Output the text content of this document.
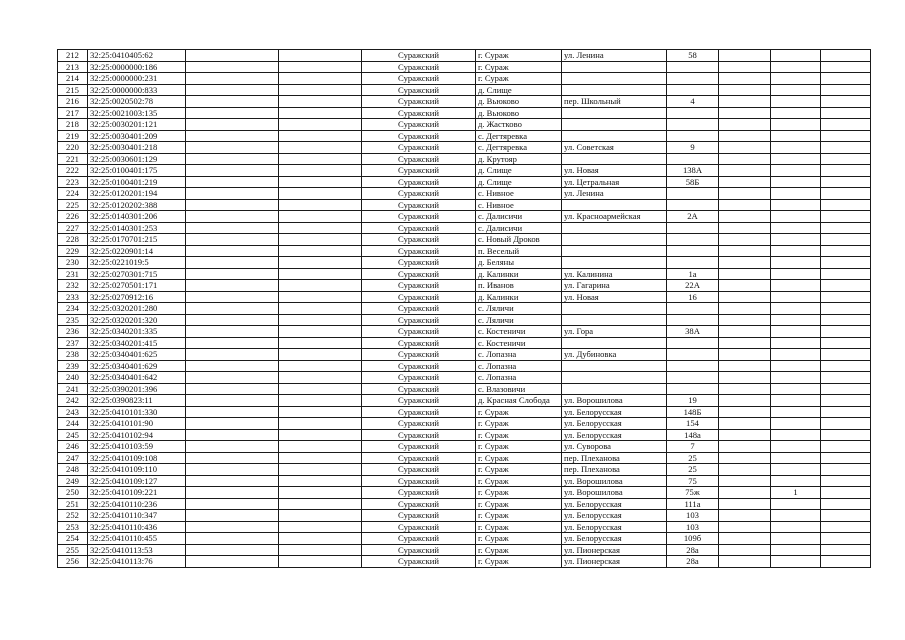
212	32:25:0410405:62			Суражский	г. Сураж	ул. Ленина	58			
213	32:25:0000000:186			Суражский	г. Сураж					
214	32:25:0000000:231			Суражский	г. Сураж					
215	32:25:0000000:833			Суражский	д. Слище					
216	32:25:0020502:78			Суражский	д. Вьюково	пер. Школьный	4			
217	32:25:0021003:135			Суражский	д. Вьюково					
218	32:25:0030201:121			Суражский	д. Жастково					
219	32:25:0030401:209			Суражский	с. Дегтяревка					
220	32:25:0030401:218			Суражский	с. Дегтяревка	ул. Советская	9			
221	32:25:0030601:129			Суражский	д. Крутояр					
222	32:25:0100401:175			Суражский	д. Слище	ул. Новая	138А			
223	32:25:0100401:219			Суражский	д. Слище	ул. Цетральная	58Б			
224	32:25:0120201:194			Суражский	с. Нивное	ул. Ленина				
225	32:25:0120202:388			Суражский	с. Нивное					
226	32:25:0140301:206			Суражский	с. Далисичи	ул. Красноармейская	2А			
227	32:25:0140301:253			Суражский	с. Далисичи					
228	32:25:0170701:215			Суражский	с. Новый Дроков					
229	32:25:0220901:14			Суражский	п. Веселый					
230	32:25:0221019:5			Суражский	д. Беляны					
231	32:25:0270301:715			Суражский	д. Калинки	ул. Калинина	1а			
232	32:25:0270501:171			Суражский	п. Иванов	ул. Гагарина	22А			
233	32:25:0270912:16			Суражский	д. Калинки	ул. Новая	16			
234	32:25:0320201:280			Суражский	с. Ляличи					
235	32:25:0320201:320			Суражский	с. Ляличи					
236	32:25:0340201:335			Суражский	с. Костеничи	ул. Гора	38А			
237	32:25:0340201:415			Суражский	с. Костеничи					
238	32:25:0340401:625			Суражский	с. Лопазна	ул. Дубиновка				
239	32:25:0340401:629			Суражский	с. Лопазна					
240	32:25:0340401:642			Суражский	с. Лопазна					
241	32:25:0390201:396			Суражский	с. Влазовичи					
242	32:25:0390823:11			Суражский	д. Красная Слобода	ул. Ворошилова	19			
243	32:25:0410101:330			Суражский	г. Сураж	ул. Белорусская	148Б			
244	32:25:0410101:90			Суражский	г. Сураж	ул. Белорусская	154			
245	32:25:0410102:94			Суражский	г. Сураж	ул. Белорусская	148а			
246	32:25:0410103:59			Суражский	г. Сураж	ул. Суворова	7			
247	32:25:0410109:108			Суражский	г. Сураж	пер. Плеханова	25			
248	32:25:0410109:110			Суражский	г. Сураж	пер. Плеханова	25			
249	32:25:0410109:127			Суражский	г. Сураж	ул. Ворошилова	75			
250	32:25:0410109:221			Суражский	г. Сураж	ул. Ворошилова	75ж		1	
251	32:25:0410110:236			Суражский	г. Сураж	ул. Белорусская	111а			
252	32:25:0410110:347			Суражский	г. Сураж	ул. Белорусская	103			
253	32:25:0410110:436			Суражский	г. Сураж	ул. Белорусская	103			
254	32:25:0410110:455			Суражский	г. Сураж	ул. Белорусская	109б			
255	32:25:0410113:53			Суражский	г. Сураж	ул. Пионерская	28а			
256	32:25:0410113:76			Суражский	г. Сураж	ул. Пионерская	28а			
